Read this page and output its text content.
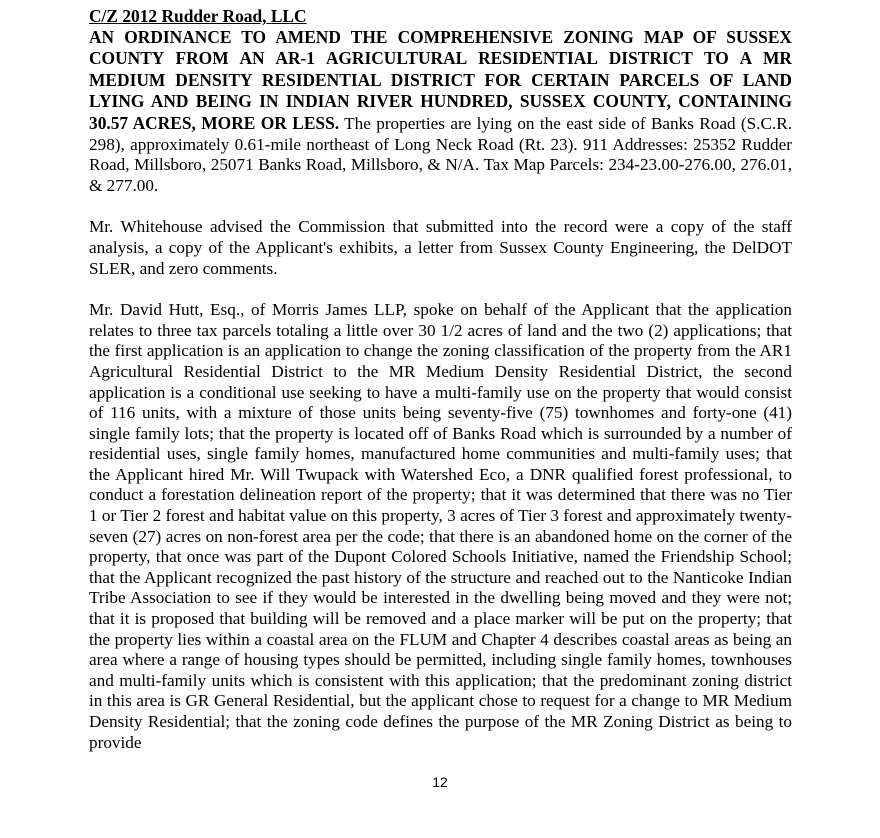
C/Z 2012 Rudder Road, LLC

AN ORDINANCE TO AMEND THE COMPREHENSIVE ZONING MAP OF SUSSEX COUNTY FROM AN AR-1 AGRICULTURAL RESIDENTIAL DISTRICT TO A MR MEDIUM DENSITY RESIDENTIAL DISTRICT FOR CERTAIN PARCELS OF LAND LYING AND BEING IN INDIAN RIVER HUNDRED, SUSSEX COUNTY, CONTAINING 30.57 ACRES, MORE OR LESS. The properties are lying on the east side of Banks Road (S.C.R. 298), approximately 0.61-mile northeast of Long Neck Road (Rt. 23). 911 Addresses: 25352 Rudder Road, Millsboro, 25071 Banks Road, Millsboro, & N/A. Tax Map Parcels: 234-23.00-276.00, 276.01, & 277.00.

Mr. Whitehouse advised the Commission that submitted into the record were a copy of the staff analysis, a copy of the Applicant's exhibits, a letter from Sussex County Engineering, the DelDOT SLER, and zero comments.

Mr. David Hutt, Esq., of Morris James LLP, spoke on behalf of the Applicant that the application relates to three tax parcels totaling a little over 30 1/2 acres of land and the two (2) applications; that the first application is an application to change the zoning classification of the property from the AR1 Agricultural Residential District to the MR Medium Density Residential District, the second application is a conditional use seeking to have a multi-family use on the property that would consist of 116 units, with a mixture of those units being seventy-five (75) townhomes and forty-one (41) single family lots; that the property is located off of Banks Road which is surrounded by a number of residential uses, single family homes, manufactured home communities and multi-family uses; that the Applicant hired Mr. Will Twupack with Watershed Eco, a DNR qualified forest professional, to conduct a forestation delineation report of the property; that it was determined that there was no Tier 1 or Tier 2 forest and habitat value on this property, 3 acres of Tier 3 forest and approximately twenty-seven (27) acres on non-forest area per the code; that there is an abandoned home on the corner of the property, that once was part of the Dupont Colored Schools Initiative, named the Friendship School; that the Applicant recognized the past history of the structure and reached out to the Nanticoke Indian Tribe Association to see if they would be interested in the dwelling being moved and they were not; that it is proposed that building will be removed and a place marker will be put on the property; that the property lies within a coastal area on the FLUM and Chapter 4 describes coastal areas as being an area where a range of housing types should be permitted, including single family homes, townhouses and multi-family units which is consistent with this application; that the predominant zoning district in this area is GR General Residential, but the applicant chose to request for a change to MR Medium Density Residential; that the zoning code defines the purpose of the MR Zoning District as being to provide

12
